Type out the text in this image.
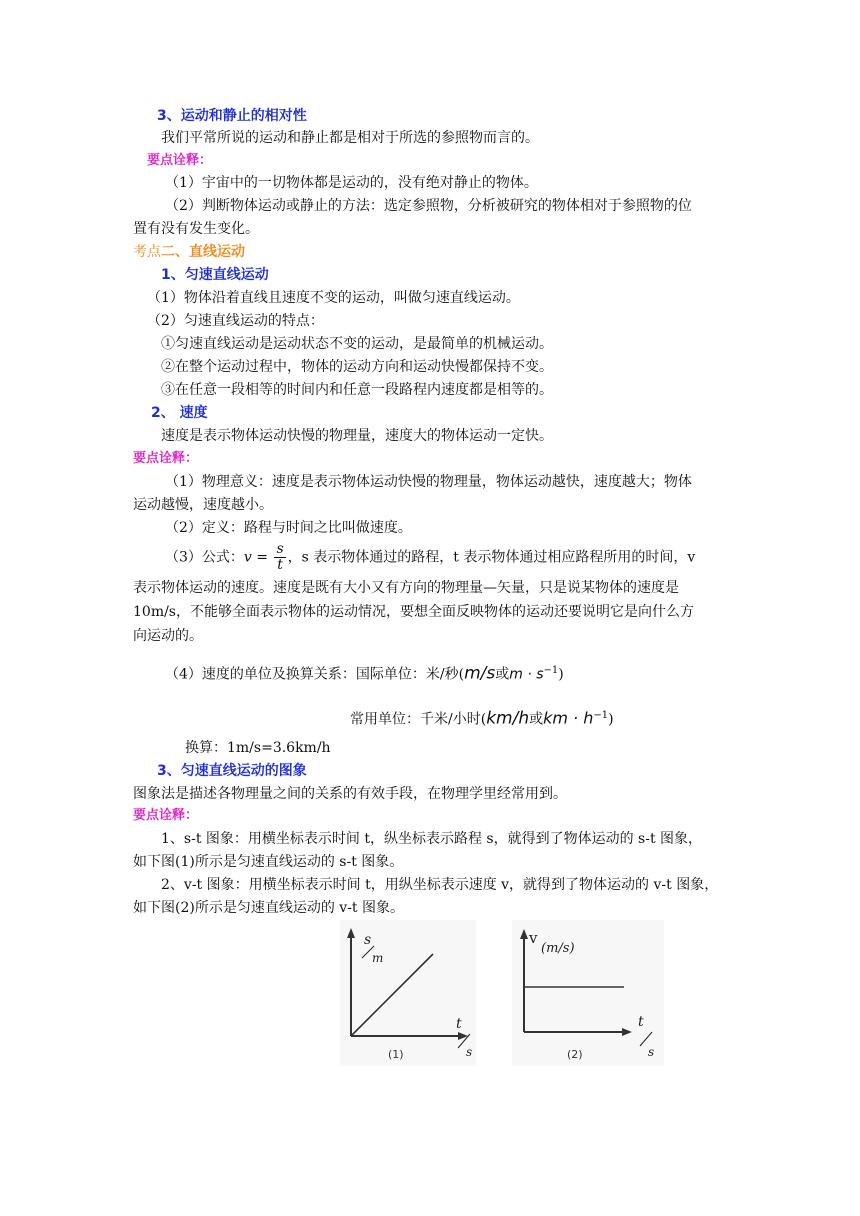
3、运动和静止的相对性
我们平常所说的运动和静止都是相对于所选的参照物而言的。
要点诠释：
（1）宇宙中的一切物体都是运动的，没有绝对静止的物体。
（2）判断物体运动或静止的方法：选定参照物，分析被研究的物体相对于参照物的位
置有没有发生变化。
考点二、直线运动
1、匀速直线运动
（1）物体沿着直线且速度不变的运动，叫做匀速直线运动。
（2）匀速直线运动的特点：
①匀速直线运动是运动状态不变的运动，是最简单的机械运动。
②在整个运动过程中，物体的运动方向和运动快慢都保持不变。
③在任意一段相等的时间内和任意一段路程内速度都是相等的。
2、 速度
速度是表示物体运动快慢的物理量，速度大的物体运动一定快。
要点诠释：
（1）物理意义：速度是表示物体运动快慢的物理量，物体运动越快，速度越大；物体
运动越慢，速度越小。
（2）定义：路程与时间之比叫做速度。
（3）公式：$v = \frac{s}{t}$ ，s 表示物体通过的路程，t 表示物体通过相应路程所用的时间，v
表示物体运动的速度。速度是既有大小又有方向的物理量—矢量，只是说某物体的速度是
10m/s，不能够全面表示物体的运动情况，要想全面反映物体的运动还要说明它是向什么方
向运动的。
（4）速度的单位及换算关系：国际单位：米/秒(m/s或$m \cdot s^{-1}$)
常用单位：千米/小时(km/h或km · $h^{-1}$)
换算：1m/s=3.6km/h
3、匀速直线运动的图象
图象法是描述各物理量之间的关系的有效手段，在物理学里经常用到。
要点诠释：
1、s-t 图象：用横坐标表示时间 t，纵坐标表示路程 s，就得到了物体运动的 s-t 图象，
如下图(1)所示是匀速直线运动的 s-t 图象。
2、v-t 图象：用横坐标表示时间 t，用纵坐标表示速度 v，就得到了物体运动的 v-t 图象，
如下图(2)所示是匀速直线运动的 v-t 图象。
s
m
t
s
(1)
v
(m/s)
t
s
(2)
